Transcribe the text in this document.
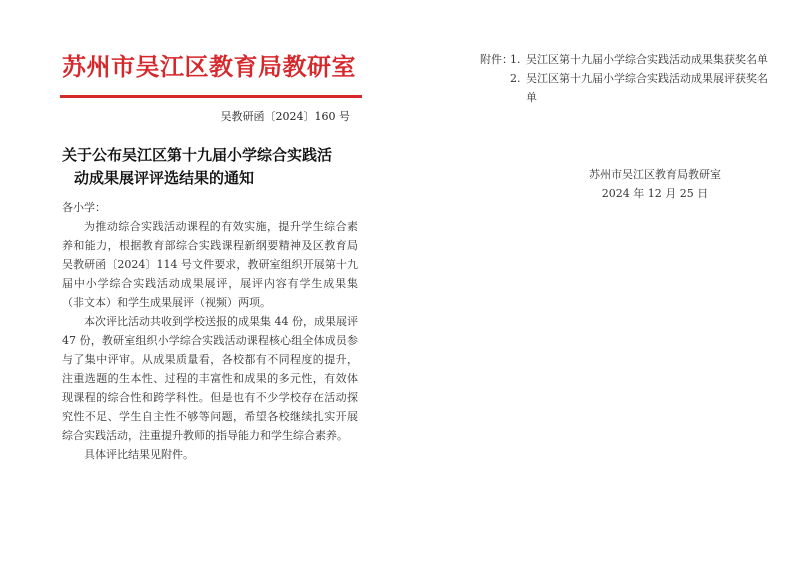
苏州市吴江区教育局教研室
吴教研函〔2024〕160 号
关于公布吴江区第十九届小学综合实践活
动成果展评评选结果的通知
各小学：

为推动综合实践活动课程的有效实施，提升学生综合素养和能力，根据教育部综合实践课程新纲要精神及区教育局吴教研函〔2024〕114 号文件要求，教研室组织开展第十九届中小学综合实践活动成果展评，展评内容有学生成果集（非文本）和学生成果展评（视频）两项。

本次评比活动共收到学校送报的成果集 44 份，成果展评 47 份，教研室组织小学综合实践活动课程核心组全体成员参与了集中评审。从成果质量看，各校都有不同程度的提升，注重选题的生本性、过程的丰富性和成果的多元性，有效体现课程的综合性和跨学科性。但是也有不少学校存在活动探究性不足、学生自主性不够等问题，希望各校继续扎实开展综合实践活动，注重提升教师的指导能力和学生综合素养。

具体评比结果见附件。

附件：
1. 吴江区第十九届小学综合实践活动成果集获奖名单
2. 吴江区第十九届小学综合实践活动成果展评获奖名单
苏州市吴江区教育局教研室
2024 年 12 月 25 日
